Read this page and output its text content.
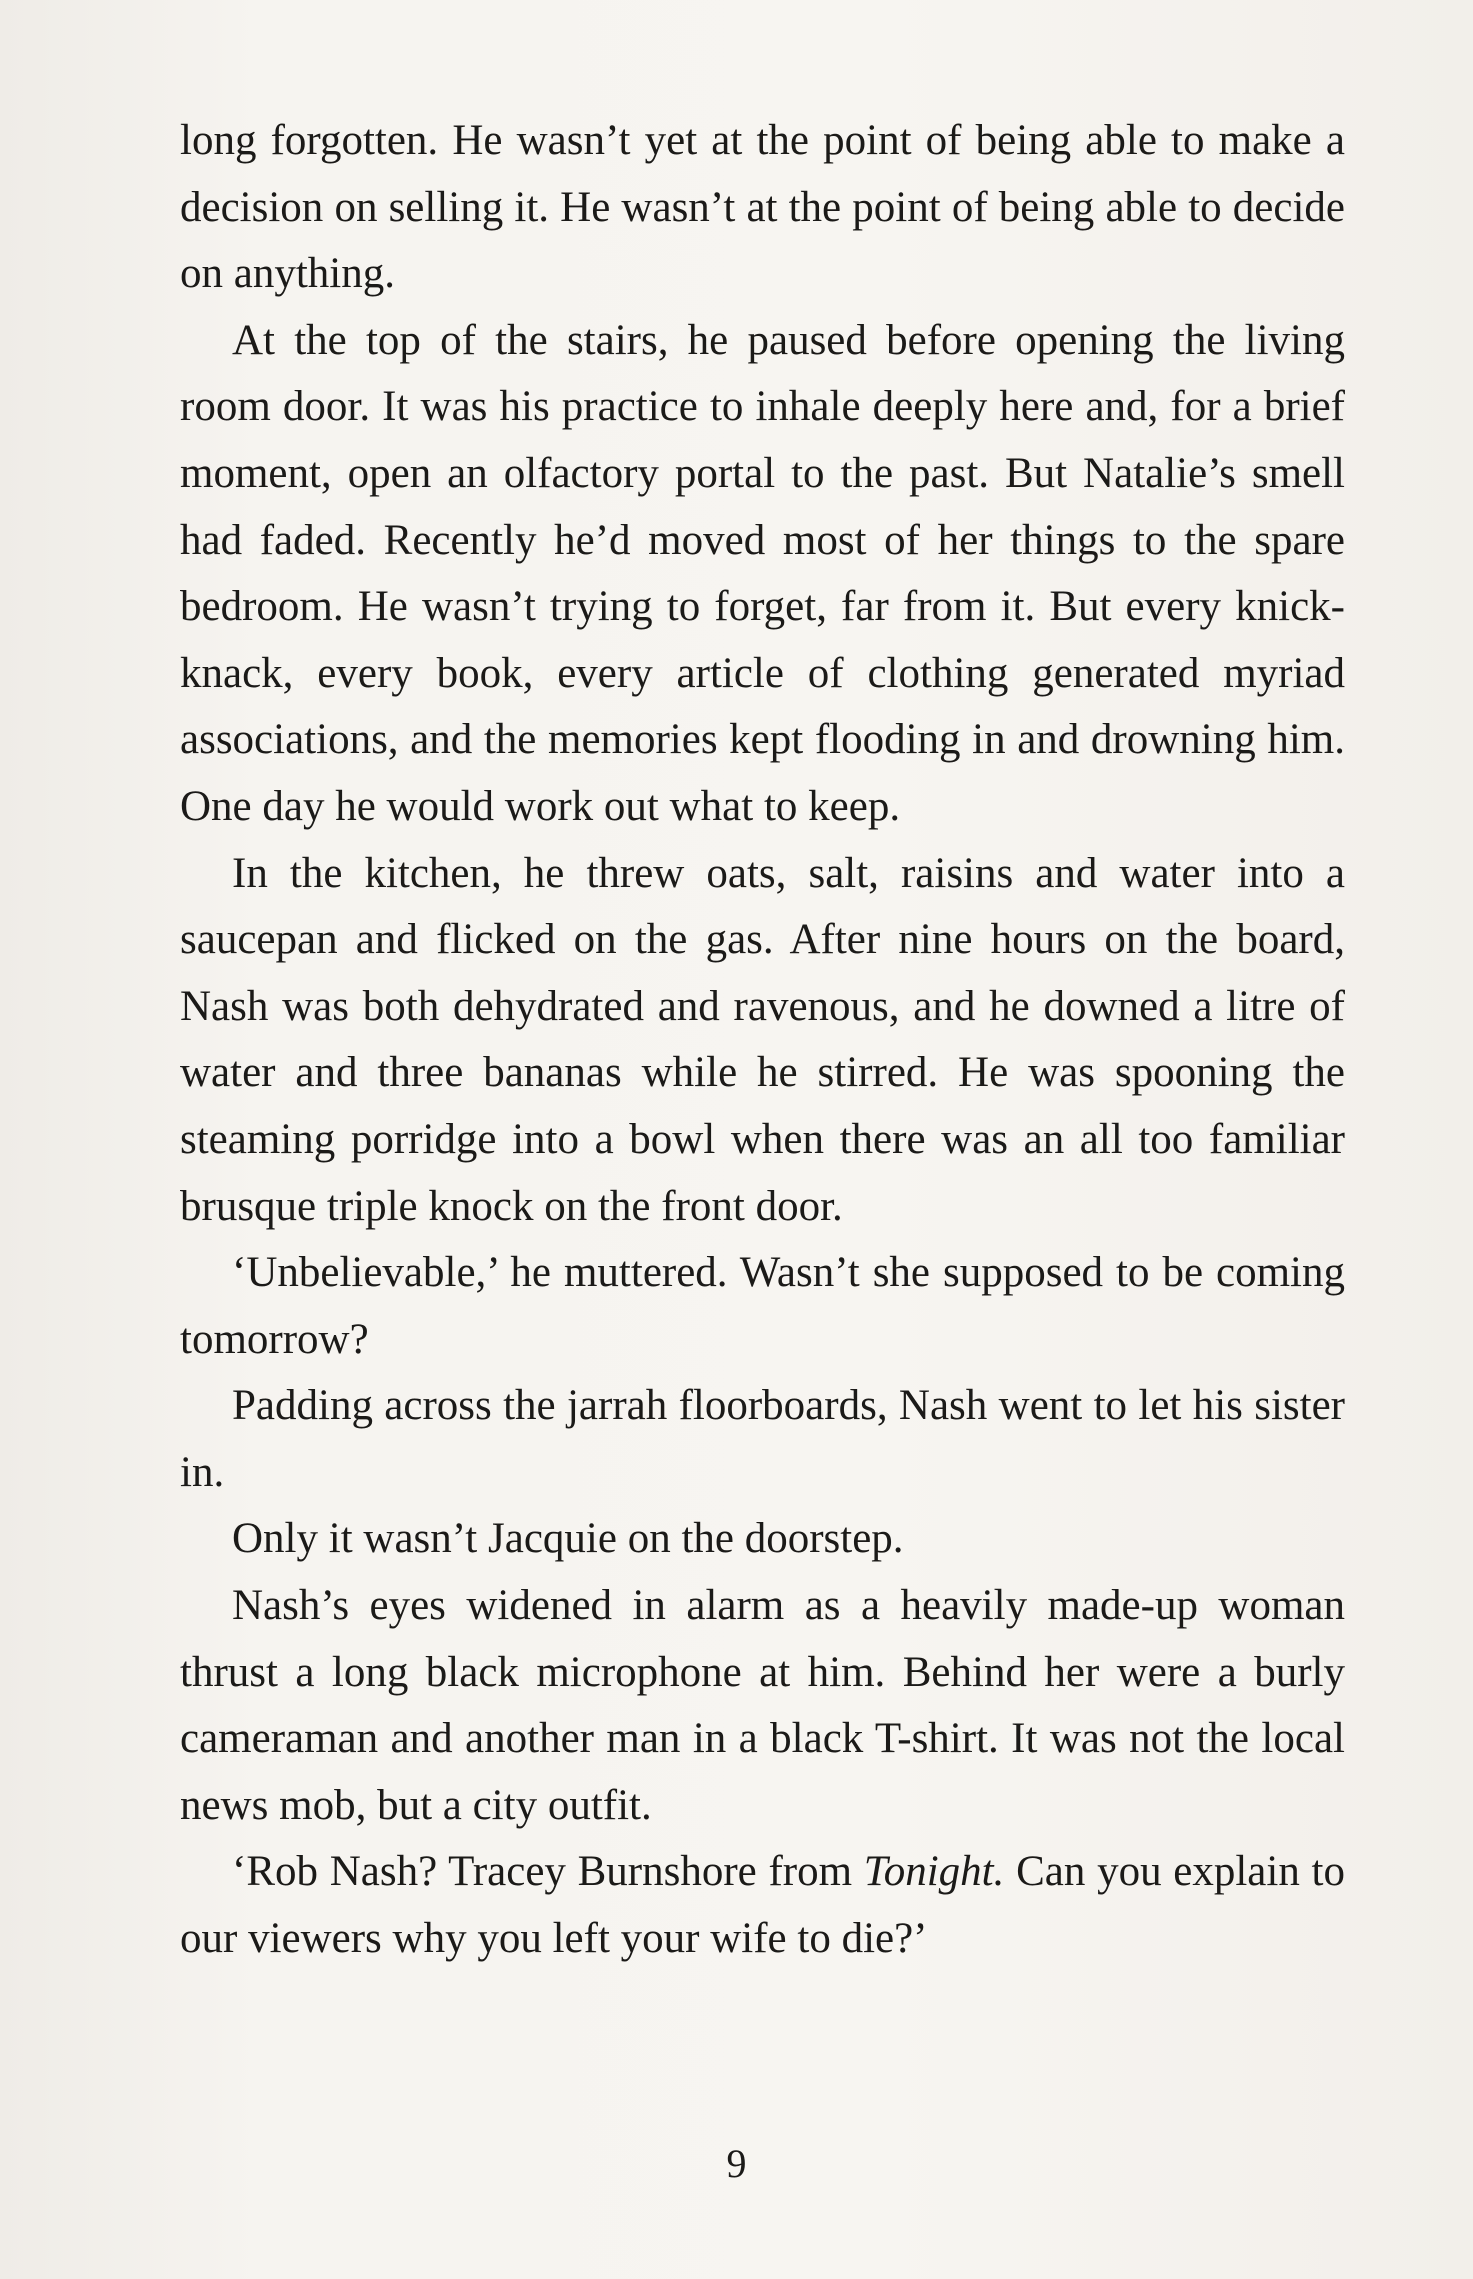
long forgotten. He wasn’t yet at the point of being able to make a decision on selling it. He wasn’t at the point of being able to decide on anything.

At the top of the stairs, he paused before opening the living room door. It was his practice to inhale deeply here and, for a brief moment, open an olfactory portal to the past. But Natalie’s smell had faded. Recently he’d moved most of her things to the spare bedroom. He wasn’t trying to forget, far from it. But every knick-knack, every book, every article of clothing generated myriad associations, and the memories kept flooding in and drowning him. One day he would work out what to keep.

In the kitchen, he threw oats, salt, raisins and water into a saucepan and flicked on the gas. After nine hours on the board, Nash was both dehydrated and ravenous, and he downed a litre of water and three bananas while he stirred. He was spooning the steaming porridge into a bowl when there was an all too familiar brusque triple knock on the front door.

‘Unbelievable,’ he muttered. Wasn’t she supposed to be coming tomorrow?

Padding across the jarrah floorboards, Nash went to let his sister in.

Only it wasn’t Jacquie on the doorstep.

Nash’s eyes widened in alarm as a heavily made-up woman thrust a long black microphone at him. Behind her were a burly cameraman and another man in a black T-shirt. It was not the local news mob, but a city outfit.

‘Rob Nash? Tracey Burnshore from Tonight. Can you explain to our viewers why you left your wife to die?’

9
